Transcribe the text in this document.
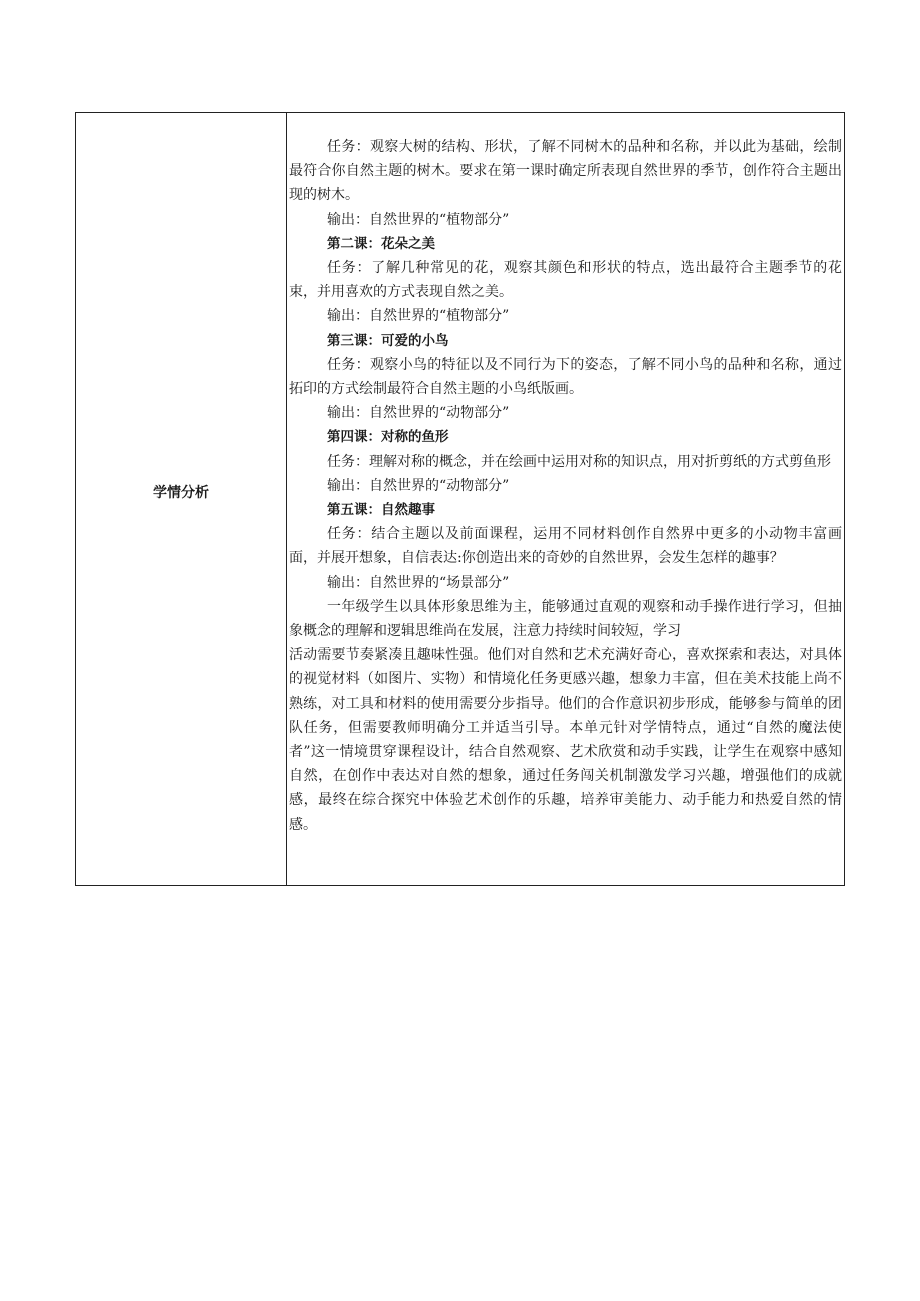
学情分析

任务：观察大树的结构、形状，了解不同树木的品种和名称，并以此为基础，绘制最符合你自然主题的树木。要求在第一课时确定所表现自然世界的季节，创作符合主题出现的树木。

输出：自然世界的“植物部分”

第二课：花朵之美

任务：了解几种常见的花，观察其颜色和形状的特点，选出最符合主题季节的花束，并用喜欢的方式表现自然之美。

输出：自然世界的“植物部分”

第三课：可爱的小鸟

任务：观察小鸟的特征以及不同行为下的姿态，了解不同小鸟的品种和名称，通过拓印的方式绘制最符合自然主题的小鸟纸版画。

输出：自然世界的“动物部分”

第四课：对称的鱼形

任务：理解对称的概念，并在绘画中运用对称的知识点，用对折剪纸的方式剪鱼形

输出：自然世界的“动物部分”

第五课：自然趣事

任务：结合主题以及前面课程，运用不同材料创作自然界中更多的小动物丰富画面，并展开想象，自信表达:你创造出来的奇妙的自然世界，会发生怎样的趣事？

输出：自然世界的“场景部分”

一年级学生以具体形象思维为主，能够通过直观的观察和动手操作进行学习，但抽象概念的理解和逻辑思维尚在发展，注意力持续时间较短，学习

活动需要节奏紧凑且趣味性强。他们对自然和艺术充满好奇心，喜欢探索和表达，对具体的视觉材料（如图片、实物）和情境化任务更感兴趣，想象力丰富，但在美术技能上尚不熟练，对工具和材料的使用需要分步指导。他们的合作意识初步形成，能够参与简单的团队任务，但需要教师明确分工并适当引导。本单元针对学情特点，通过“自然的魔法使者”这一情境贯穿课程设计，结合自然观察、艺术欣赏和动手实践，让学生在观察中感知自然，在创作中表达对自然的想象，通过任务闯关机制激发学习兴趣，增强他们的成就感，最终在综合探究中体验艺术创作的乐趣，培养审美能力、动手能力和热爱自然的情感。
